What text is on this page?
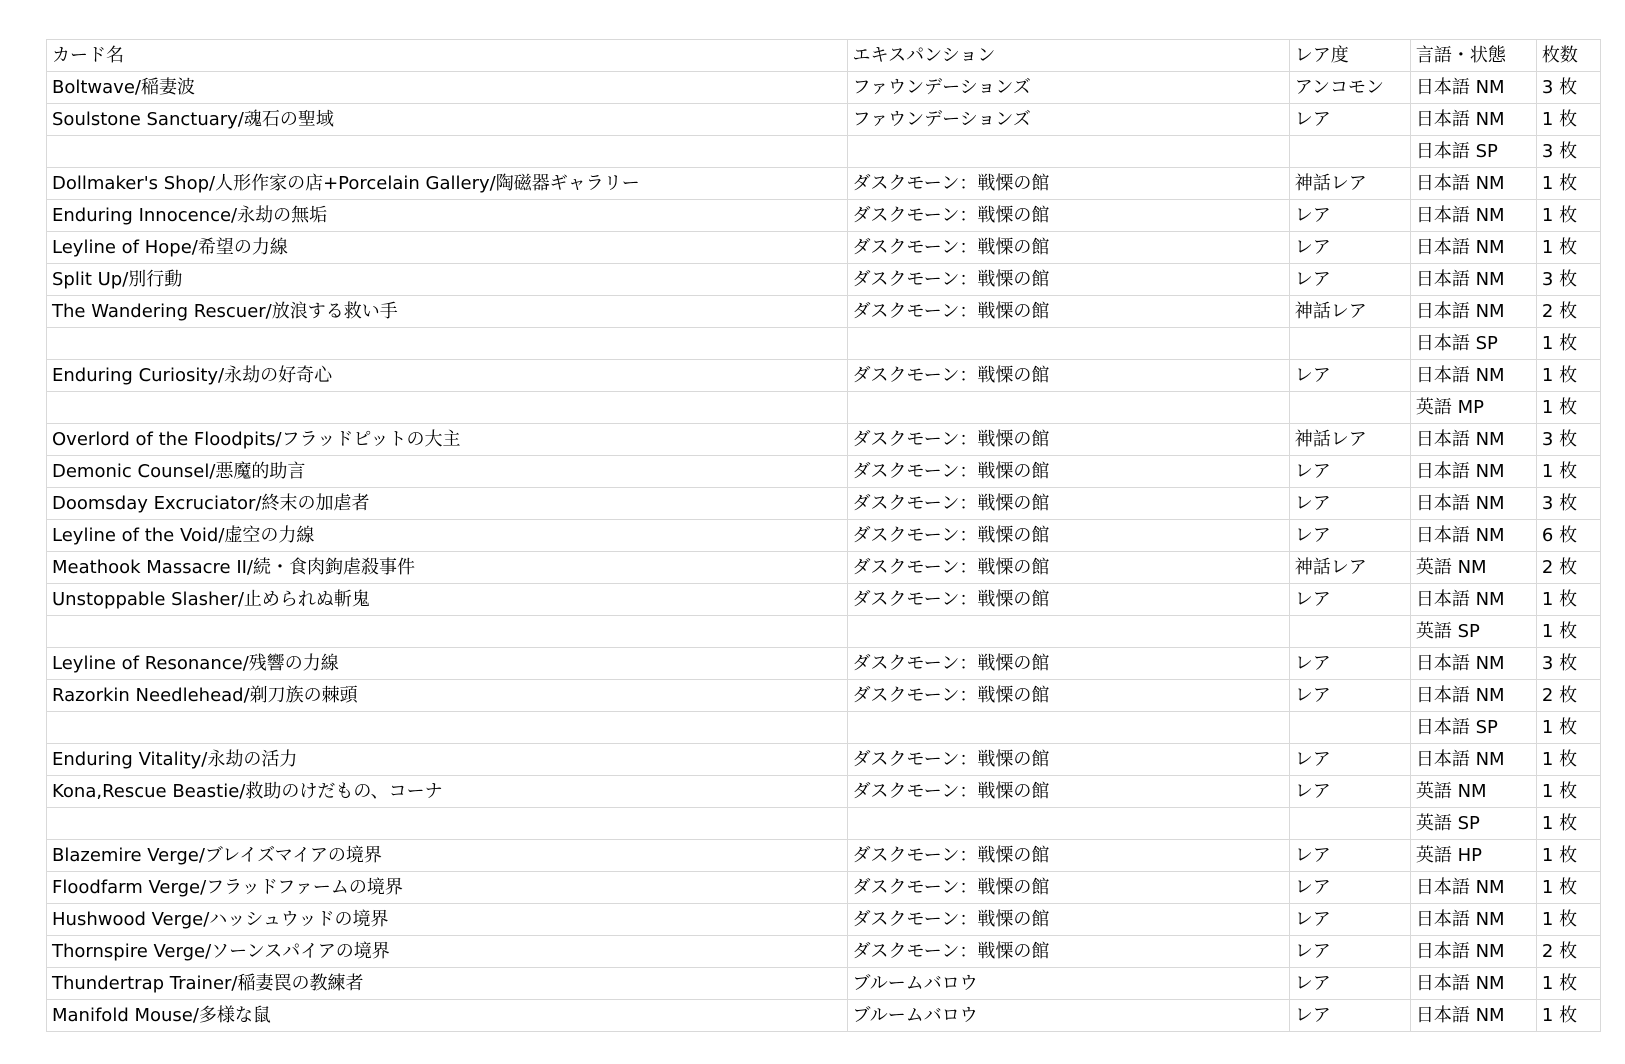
カード名	エキスパンション	レア度	言語・状態	枚数
Boltwave/稲妻波	ファウンデーションズ	アンコモン	日本語 NM	3 枚
Soulstone Sanctuary/魂石の聖域	ファウンデーションズ	レア	日本語 NM	1 枚
			日本語 SP	3 枚
Dollmaker's Shop/人形作家の店+Porcelain Gallery/陶磁器ギャラリー	ダスクモーン：戦慄の館	神話レア	日本語 NM	1 枚
Enduring Innocence/永劫の無垢	ダスクモーン：戦慄の館	レア	日本語 NM	1 枚
Leyline of Hope/希望の力線	ダスクモーン：戦慄の館	レア	日本語 NM	1 枚
Split Up/別行動	ダスクモーン：戦慄の館	レア	日本語 NM	3 枚
The Wandering Rescuer/放浪する救い手	ダスクモーン：戦慄の館	神話レア	日本語 NM	2 枚
			日本語 SP	1 枚
Enduring Curiosity/永劫の好奇心	ダスクモーン：戦慄の館	レア	日本語 NM	1 枚
			英語 MP	1 枚
Overlord of the Floodpits/フラッドピットの大主	ダスクモーン：戦慄の館	神話レア	日本語 NM	3 枚
Demonic Counsel/悪魔的助言	ダスクモーン：戦慄の館	レア	日本語 NM	1 枚
Doomsday Excruciator/終末の加虐者	ダスクモーン：戦慄の館	レア	日本語 NM	3 枚
Leyline of the Void/虚空の力線	ダスクモーン：戦慄の館	レア	日本語 NM	6 枚
Meathook Massacre II/続・食肉鉤虐殺事件	ダスクモーン：戦慄の館	神話レア	英語 NM	2 枚
Unstoppable Slasher/止められぬ斬鬼	ダスクモーン：戦慄の館	レア	日本語 NM	1 枚
			英語 SP	1 枚
Leyline of Resonance/残響の力線	ダスクモーン：戦慄の館	レア	日本語 NM	3 枚
Razorkin Needlehead/剃刀族の棘頭	ダスクモーン：戦慄の館	レア	日本語 NM	2 枚
			日本語 SP	1 枚
Enduring Vitality/永劫の活力	ダスクモーン：戦慄の館	レア	日本語 NM	1 枚
Kona,Rescue Beastie/救助のけだもの、コーナ	ダスクモーン：戦慄の館	レア	英語 NM	1 枚
			英語 SP	1 枚
Blazemire Verge/ブレイズマイアの境界	ダスクモーン：戦慄の館	レア	英語 HP	1 枚
Floodfarm Verge/フラッドファームの境界	ダスクモーン：戦慄の館	レア	日本語 NM	1 枚
Hushwood Verge/ハッシュウッドの境界	ダスクモーン：戦慄の館	レア	日本語 NM	1 枚
Thornspire Verge/ソーンスパイアの境界	ダスクモーン：戦慄の館	レア	日本語 NM	2 枚
Thundertrap Trainer/稲妻罠の教練者	ブルームバロウ	レア	日本語 NM	1 枚
Manifold Mouse/多様な鼠	ブルームバロウ	レア	日本語 NM	1 枚
